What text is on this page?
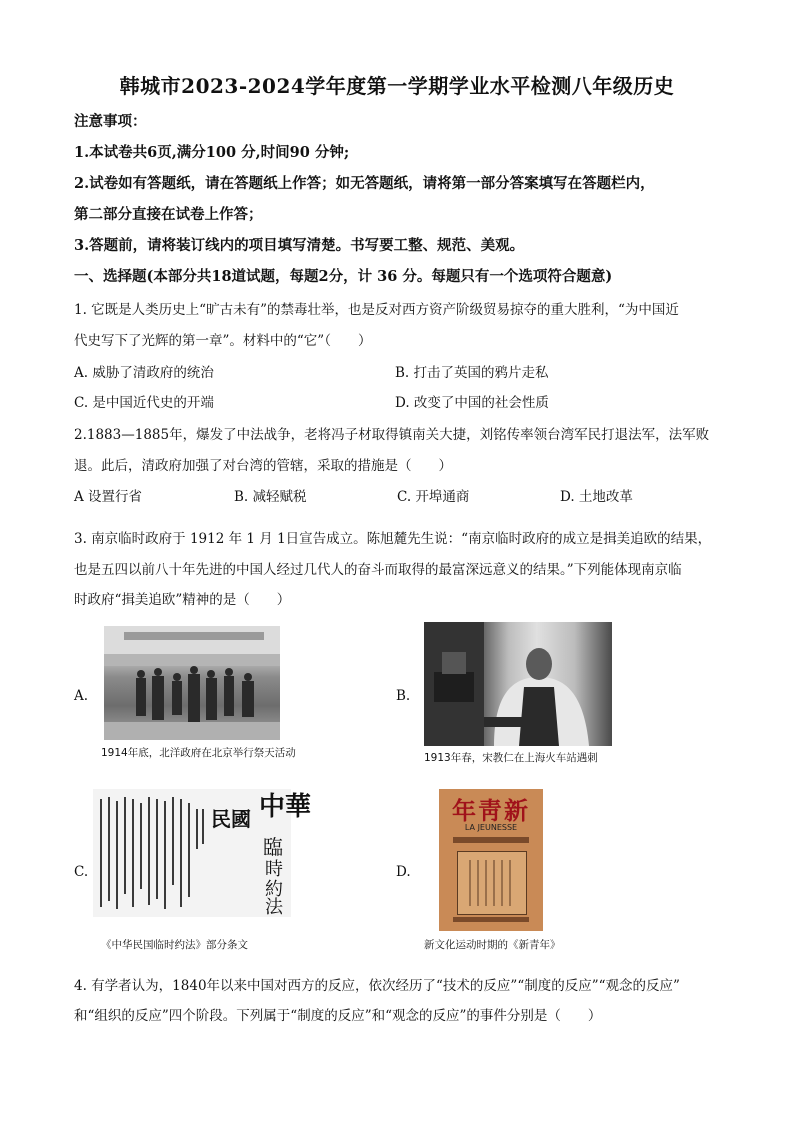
韩城市2023-2024学年度第一学期学业水平检测八年级历史
注意事项：
1.本试卷共6页,满分100 分,时间90 分钟;
2.试卷如有答题纸，请在答题纸上作答；如无答题纸，请将第一部分答案填写在答题栏内，
第二部分直接在试卷上作答；
3.答题前，请将装订线内的项目填写清楚。书写要工整、规范、美观。
一、选择题(本部分共18道试题，每题2分，计 36 分。每题只有一个选项符合题意)
1. 它既是人类历史上“旷古未有”的禁毒壮举，也是反对西方资产阶级贸易掠夺的重大胜利，“为中国近
代史写下了光辉的第一章”。材料中的“它”（　　）
A. 威胁了清政府的统治	B. 打击了英国的鸦片走私
C. 是中国近代史的开端	D. 改变了中国的社会性质
2.1883—1885年，爆发了中法战争，老将冯子材取得镇南关大捷，刘铭传率领台湾军民打退法军，法军败
退。此后，清政府加强了对台湾的管辖，采取的措施是（　　）
A 设置行省	B. 减轻赋税	C. 开埠通商	D. 土地改革
3. 南京临时政府于 1912 年 1 月 1日宣告成立。陈旭麓先生说：“南京临时政府的成立是揖美追欧的结果，
也是五四以前八十年先进的中国人经过几代人的奋斗而取得的最富深远意义的结果。”下列能体现南京临
时政府“揖美追欧”精神的是（　　）
A.
1914年底，北洋政府在北京举行祭天活动
B.
1913年春，宋教仁在上海火车站遇刺
C.
中華
民國
臨
時
約
法
《中华民国临时约法》部分条文
D.
年靑新
LA JEUNESSE
新文化运动时期的《新青年》
4. 有学者认为，1840年以来中国对西方的反应，依次经历了“技术的反应”“制度的反应”“观念的反应”
和“组织的反应”四个阶段。下列属于“制度的反应”和“观念的反应”的事件分别是（　　）
